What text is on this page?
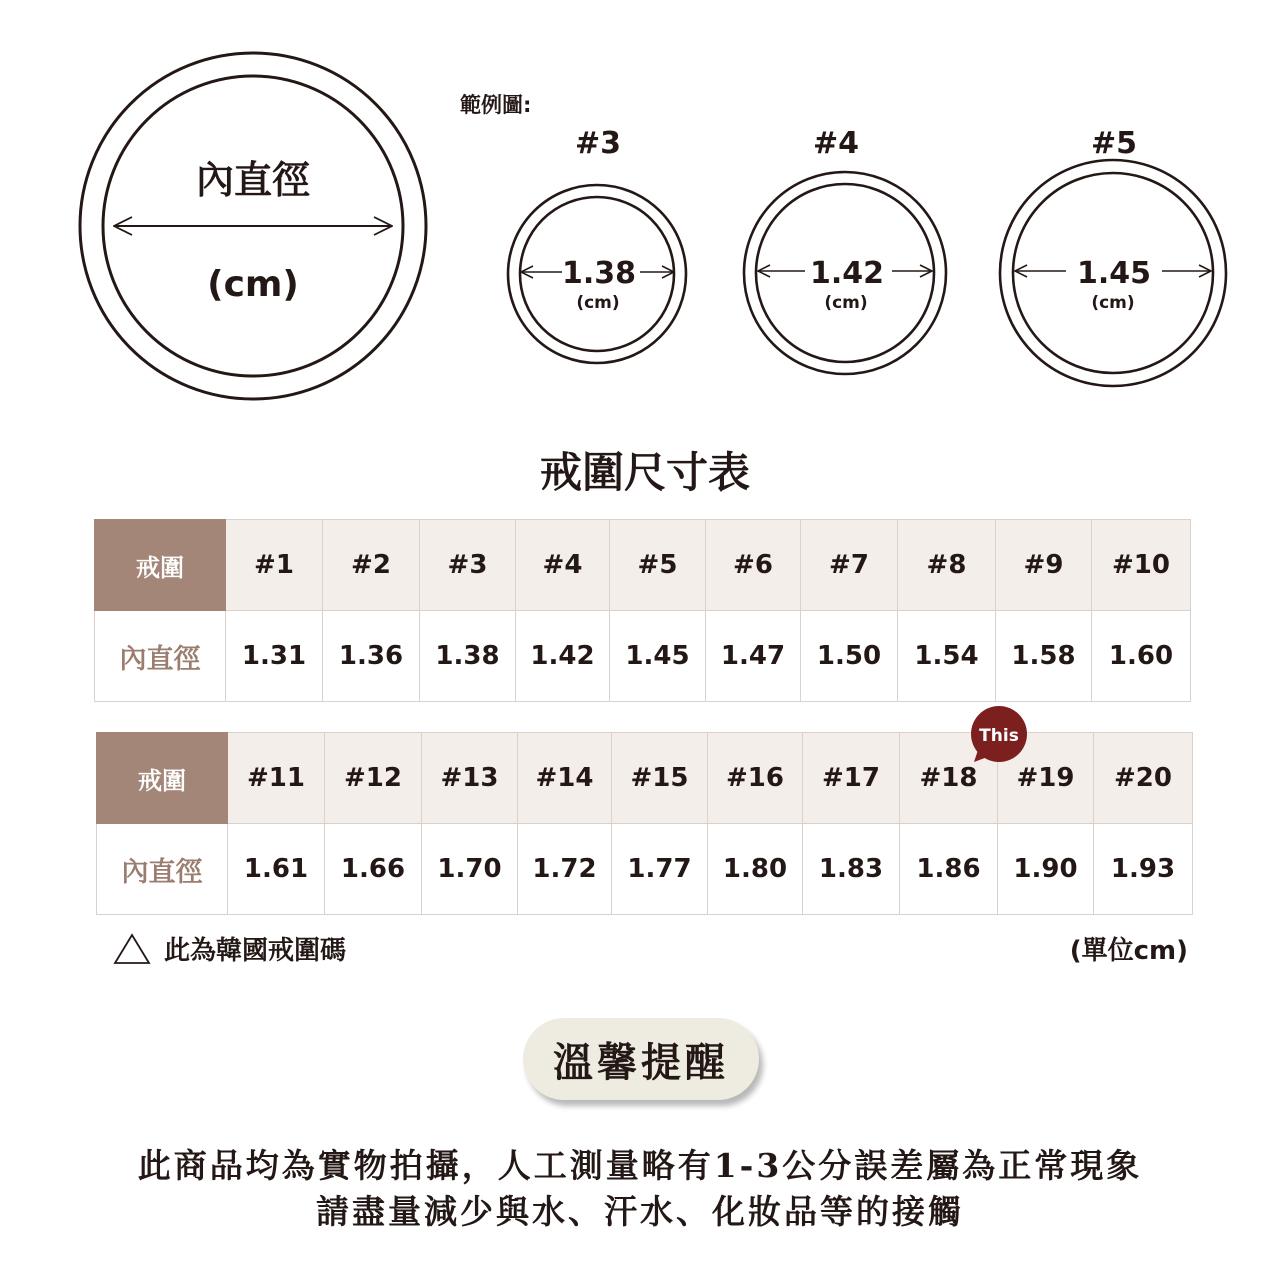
內直徑
(cm)
範例圖:
#3
1.38
(cm)
#4
1.42
(cm)
#5
1.45
(cm)
戒圍尺寸表
戒圍	#1	#2	#3	#4	#5	#6	#7	#8	#9	#10
內直徑	1.31	1.36	1.38	1.42	1.45	1.47	1.50	1.54	1.58	1.60
戒圍	#11	#12	#13	#14	#15	#16	#17	#18	#19	#20
內直徑	1.61	1.66	1.70	1.72	1.77	1.80	1.83	1.86	1.90	1.93
This
此為韓國戒圍碼	(單位cm)
溫馨提醒
此商品均為實物拍攝，人工測量略有1-3公分誤差屬為正常現象
請盡量減少與水、汗水、化妝品等的接觸
